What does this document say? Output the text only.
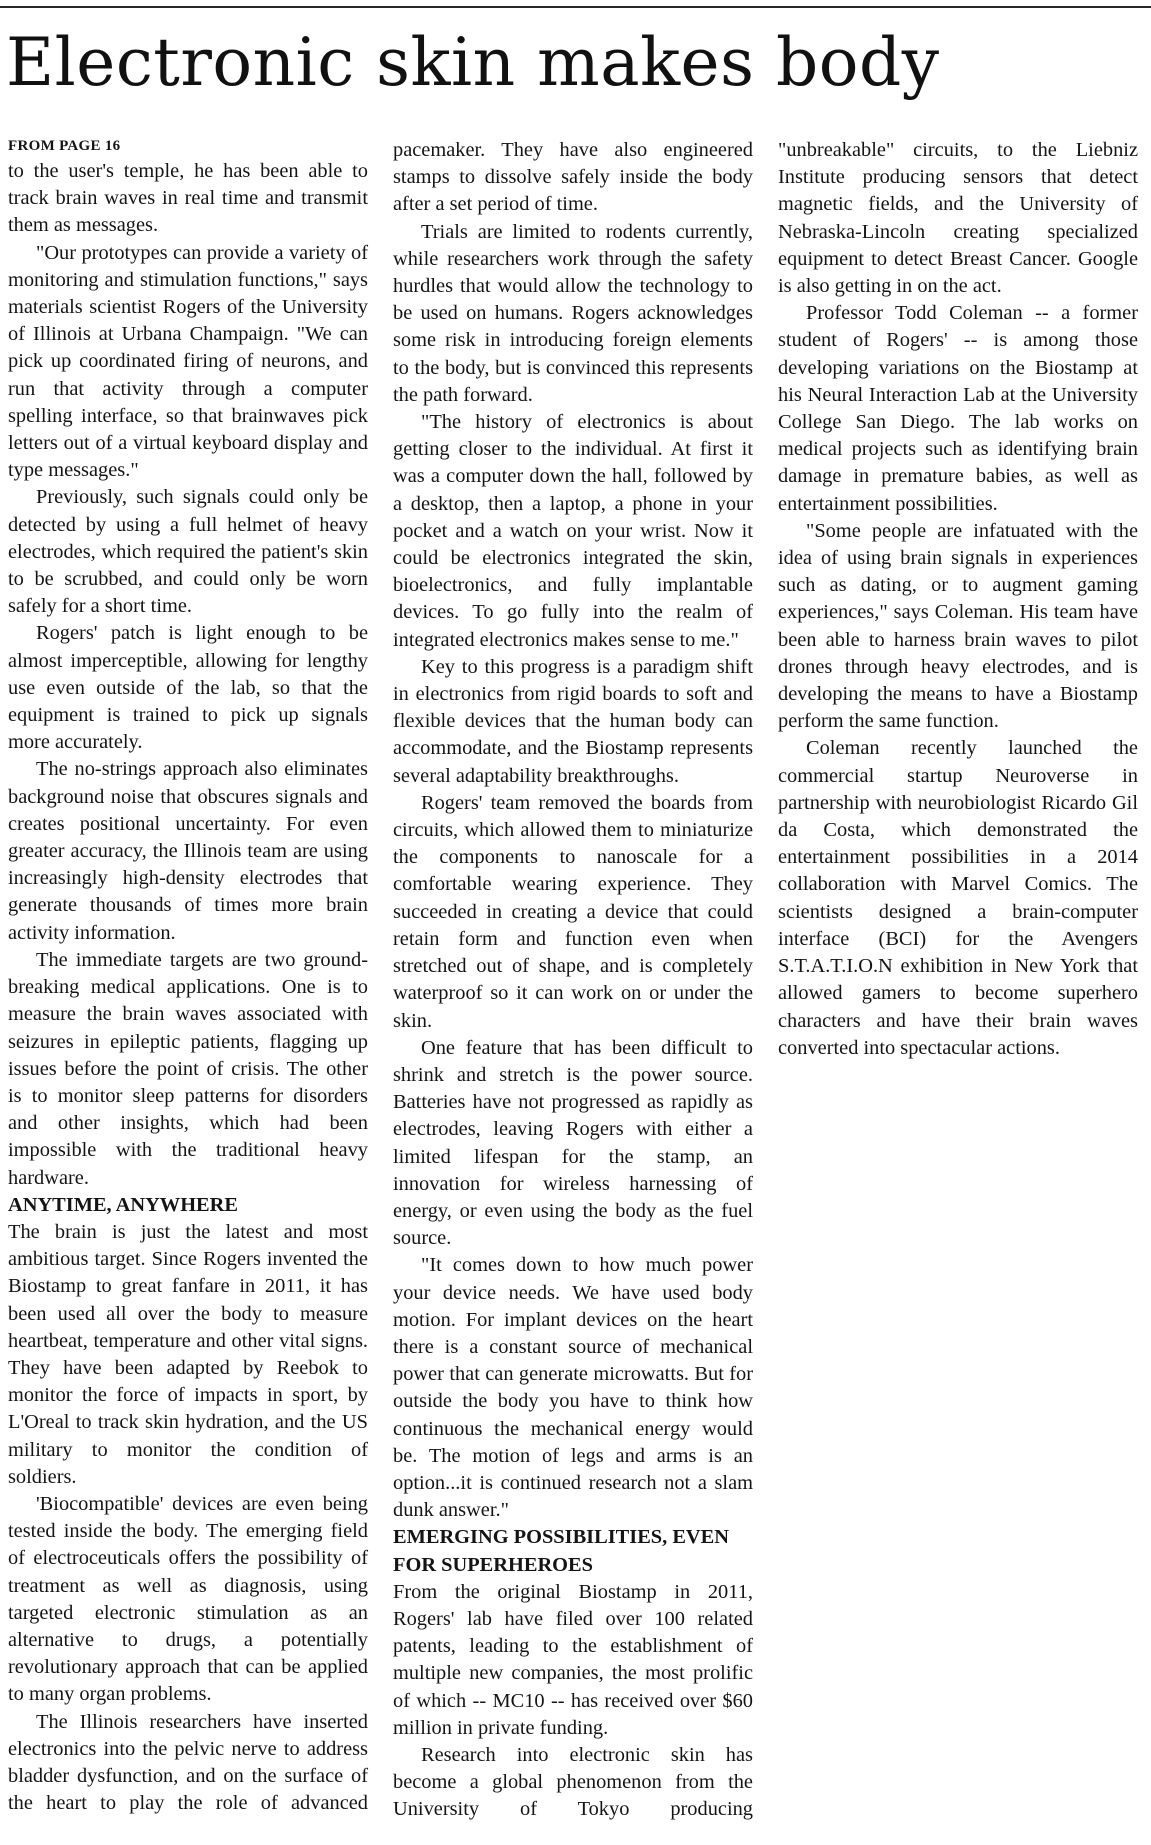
Electronic skin makes body
FROM PAGE 16

to the user's temple, he has been able to track brain waves in real time and transmit them as messages.

"Our prototypes can provide a variety of monitoring and stimulation functions," says materials scientist Rogers of the University of Illinois at Urbana Champaign. "We can pick up coordinated firing of neurons, and run that activity through a computer spelling interface, so that brainwaves pick letters out of a virtual keyboard display and type messages."

Previously, such signals could only be detected by using a full helmet of heavy electrodes, which required the patient's skin to be scrubbed, and could only be worn safely for a short time.

Rogers' patch is light enough to be almost imperceptible, allowing for lengthy use even outside of the lab, so that the equipment is trained to pick up signals more accurately.

The no-strings approach also eliminates background noise that obscures signals and creates positional uncertainty. For even greater accuracy, the Illinois team are using increasingly high-density electrodes that generate thousands of times more brain activity information.

The immediate targets are two ground-breaking medical applications. One is to measure the brain waves associated with seizures in epileptic patients, flagging up issues before the point of crisis. The other is to monitor sleep patterns for disorders and other insights, which had been impossible with the traditional heavy hardware.

ANYTIME, ANYWHERE

The brain is just the latest and most ambitious target. Since Rogers invented the Biostamp to great fanfare in 2011, it has been used all over the body to measure heartbeat, temperature and other vital signs. They have been adapted by Reebok to monitor the force of impacts in sport, by L'Oreal to track skin hydration, and the US military to monitor the condition of soldiers.

'Biocompatible' devices are even being tested inside the body. The emerging field of electroceuticals offers the possibility of treatment as well as diagnosis, using targeted electronic stimulation as an alternative to drugs, a potentially revolutionary approach that can be applied to many organ problems.

The Illinois researchers have inserted electronics into the pelvic nerve to address bladder dysfunction, and on the surface of the heart to play the role of advanced pacemaker. They have also engineered stamps to dissolve safely inside the body after a set period of time.

Trials are limited to rodents currently, while researchers work through the safety hurdles that would allow the technology to be used on humans. Rogers acknowledges some risk in introducing foreign elements to the body, but is convinced this represents the path forward.

"The history of electronics is about getting closer to the individual. At first it was a computer down the hall, followed by a desktop, then a laptop, a phone in your pocket and a watch on your wrist. Now it could be electronics integrated the skin, bioelectronics, and fully implantable devices. To go fully into the realm of integrated electronics makes sense to me."

Key to this progress is a paradigm shift in electronics from rigid boards to soft and flexible devices that the human body can accommodate, and the Biostamp represents several adaptability breakthroughs.

Rogers' team removed the boards from circuits, which allowed them to miniaturize the components to nanoscale for a comfortable wearing experience. They succeeded in creating a device that could retain form and function even when stretched out of shape, and is completely waterproof so it can work on or under the skin.

One feature that has been difficult to shrink and stretch is the power source. Batteries have not progressed as rapidly as electrodes, leaving Rogers with either a limited lifespan for the stamp, an innovation for wireless harnessing of energy, or even using the body as the fuel source.

"It comes down to how much power your device needs. We have used body motion. For implant devices on the heart there is a constant source of mechanical power that can generate microwatts. But for outside the body you have to think how continuous the mechanical energy would be. The motion of legs and arms is an option...it is continued research not a slam dunk answer."

EMERGING POSSIBILITIES, EVEN FOR SUPERHEROES

From the original Biostamp in 2011, Rogers' lab have filed over 100 related patents, leading to the establishment of multiple new companies, the most prolific of which -- MC10 -- has received over $60 million in private funding.

Research into electronic skin has become a global phenomenon from the University of Tokyo producing "unbreakable" circuits, to the Liebniz Institute producing sensors that detect magnetic fields, and the University of Nebraska-Lincoln creating specialized equipment to detect Breast Cancer. Google is also getting in on the act.

Professor Todd Coleman -- a former student of Rogers' -- is among those developing variations on the Biostamp at his Neural Interaction Lab at the University College San Diego. The lab works on medical projects such as identifying brain damage in premature babies, as well as entertainment possibilities.

"Some people are infatuated with the idea of using brain signals in experiences such as dating, or to augment gaming experiences," says Coleman. His team have been able to harness brain waves to pilot drones through heavy electrodes, and is developing the means to have a Biostamp perform the same function.

Coleman recently launched the commercial startup Neuroverse in partnership with neurobiologist Ricardo Gil da Costa, which demonstrated the entertainment possibilities in a 2014 collaboration with Marvel Comics. The scientists designed a brain-computer interface (BCI) for the Avengers S.T.A.T.I.O.N exhibition in New York that allowed gamers to become superhero characters and have their brain waves converted into spectacular actions.
